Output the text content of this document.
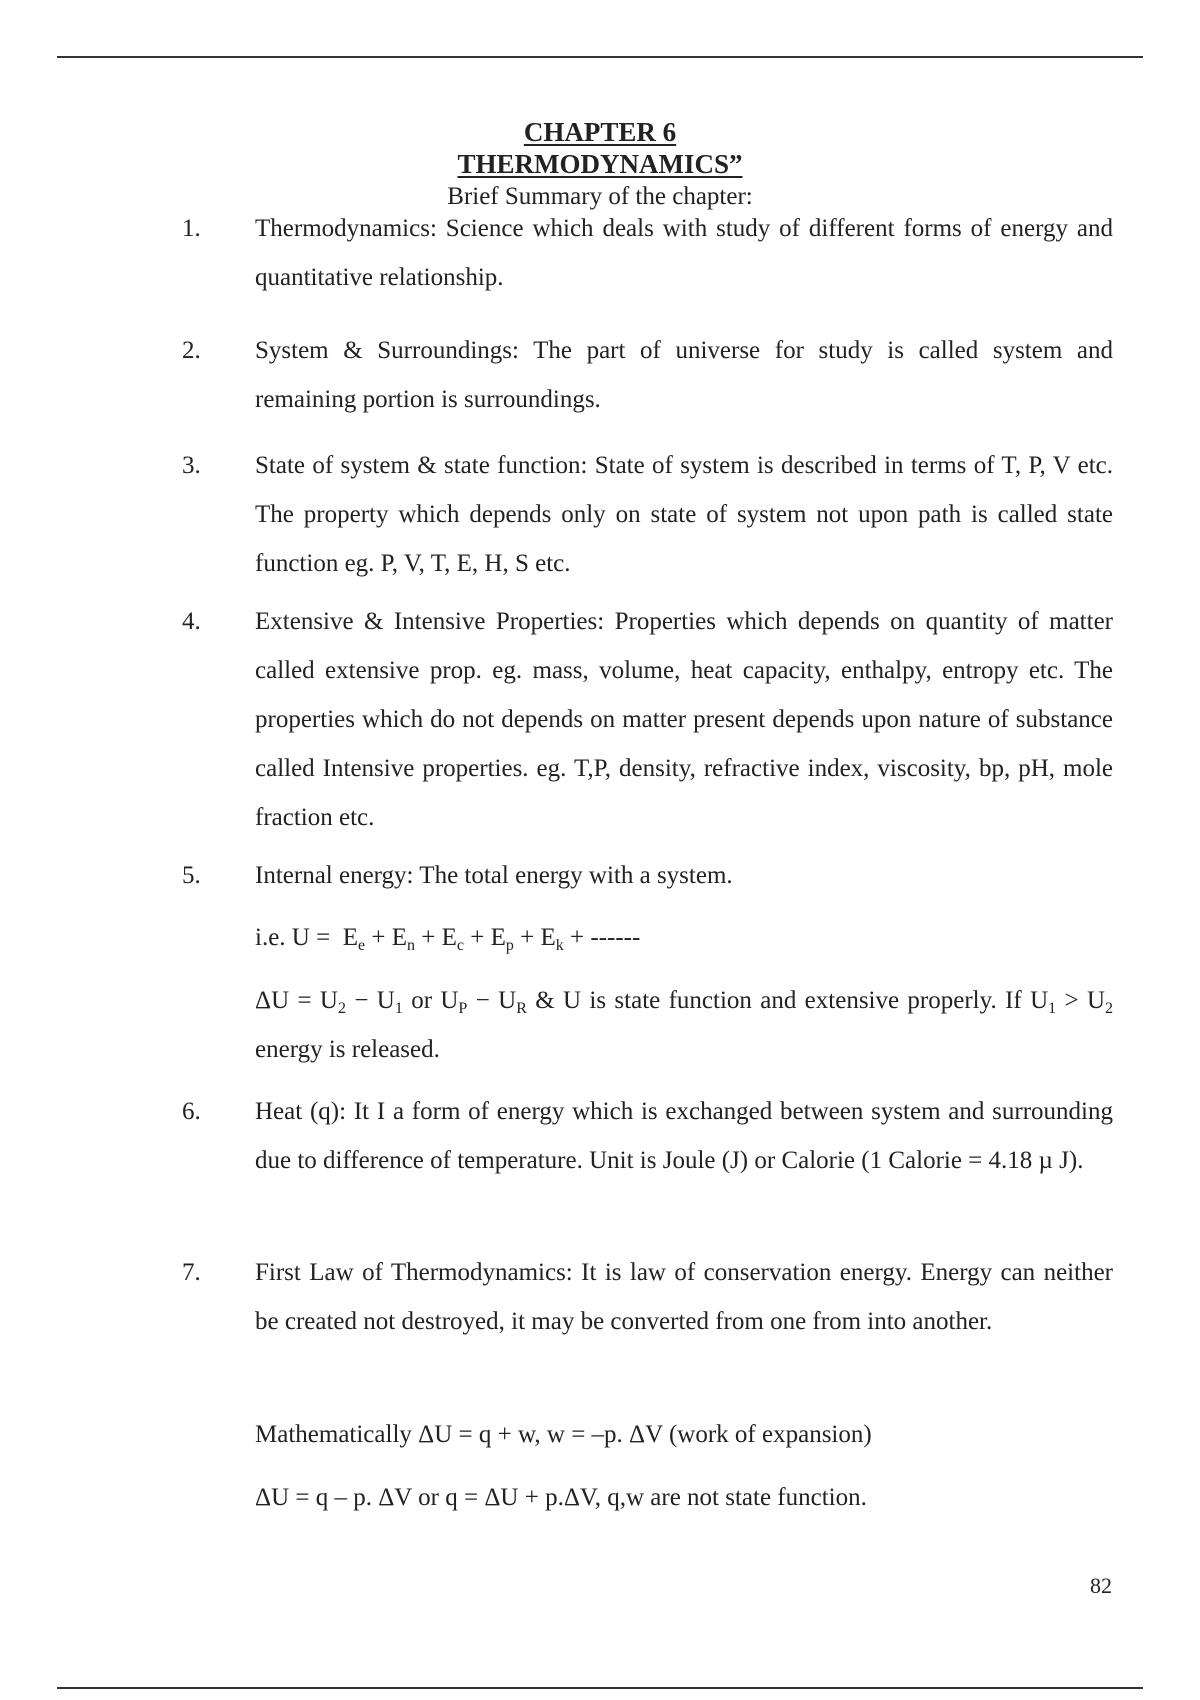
CHAPTER 6
THERMODYNAMICS”
Brief Summary of the chapter:
1. Thermodynamics: Science which deals with study of different forms of energy and quantitative relationship.
2. System & Surroundings: The part of universe for study is called system and remaining portion is surroundings.
3. State of system & state function: State of system is described in terms of T, P, V etc. The property which depends only on state of system not upon path is called state function eg. P, V, T, E, H, S etc.
4. Extensive & Intensive Properties: Properties which depends on quantity of matter called extensive prop. eg. mass, volume, heat capacity, enthalpy, entropy etc. The properties which do not depends on matter present depends upon nature of substance called Intensive properties. eg. T,P, density, refractive index, viscosity, bp, pH, mole fraction etc.
5. Internal energy: The total energy with a system.
i.e. $U = E_e + E_n + E_c + E_p + E_k$ + ------
$\Delta U = U_2 - U_1$ or $U_P - U_R$ & U is state function and extensive properly. If $U_1 > U_2$ energy is released.
6. Heat (q): It I a form of energy which is exchanged between system and surrounding due to difference of temperature. Unit is Joule (J) or Calorie (1 Calorie = 4.18 µ J).
7. First Law of Thermodynamics: It is law of conservation energy. Energy can neither be created not destroyed, it may be converted from one from into another.
Mathematically ΔU = q + w, w = –p. ΔV (work of expansion)
ΔU = q – p. ΔV or q = ΔU + p.ΔV, q,w are not state function.
82
